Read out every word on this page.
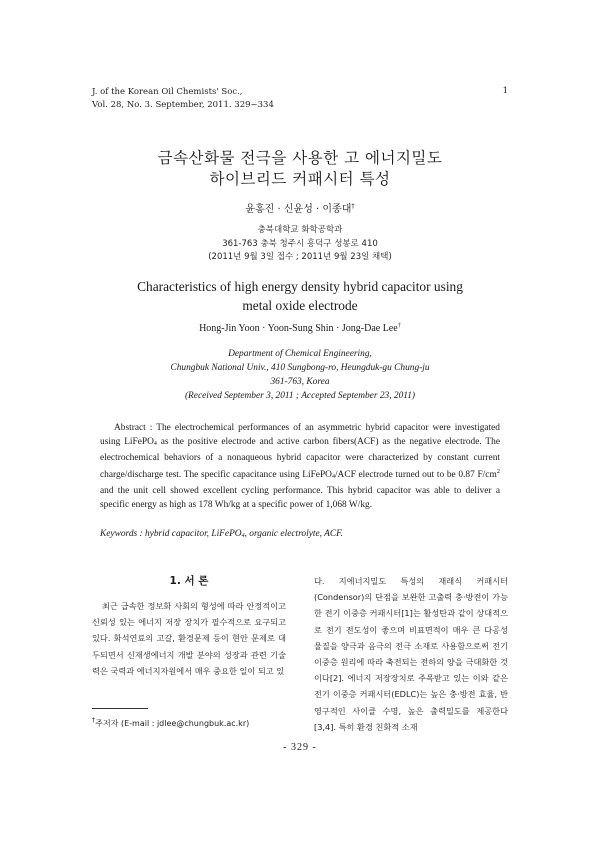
J. of the Korean Oil Chemists' Soc.,
Vol. 28, No. 3. September, 2011. 329~334
1
금속산화물 전극을 사용한 고 에너지밀도
하이브리드 커패시터 특성
윤홍진 · 신윤성 · 이종대†
충북대학교 화학공학과
361-763 충북 청주시 흥덕구 성봉로 410
(2011년 9월 3일 접수 ; 2011년 9월 23일 채택)
Characteristics of high energy density hybrid capacitor using
metal oxide electrode
Hong-Jin Yoon · Yoon-Sung Shin · Jong-Dae Lee†
Department of Chemical Engineering,
Chungbuk National Univ., 410 Sungbong-ro, Heungduk-gu Chung-ju
361-763, Korea
(Received September 3, 2011 ; Accepted September 23, 2011)
Abstract : The electrochemical performances of an asymmetric hybrid capacitor were investigated using LiFePO4 as the positive electrode and active carbon fibers(ACF) as the negative electrode. The electrochemical behaviors of a nonaqueous hybrid capacitor were characterized by constant current charge/discharge test. The specific capacitance using LiFePO4/ACF electrode turned out to be 0.87 $F/cm^2$ and the unit cell showed excellent cycling performance. This hybrid capacitor was able to deliver a specific energy as high as 178 Wh/kg at a specific power of 1,068 W/kg.
Keywords : hybrid capacitor, LiFePO4, organic electrolyte, ACF.
1. 서 론
최근 급속한 정보화 사회의 형성에 따라 안정적이고 신뢰성 있는 에너지 저장 장치가 필수적으로 요구되고 있다. 화석연료의 고갈, 환경문제 등이 현안 문제로 대두되면서 신재생에너지 개발 분야의 성장과 관련 기술력은 국력과 에너지자원에서 매우 중요한 일이 되고 있
다. 지에너지밀도 특성의 재래식 커패시터(Condensor)의 단점을 보완한 고출력 충·방전이 가능한 전기 이중층 커패시터[1]는 활성탄과 같이 상대적으로 전기 전도성이 좋으며 비표면적이 매우 큰 다공성 물질을 양극과 음극의 전극 소재로 사용함으로써 전기 이중층 원리에 따라 축전되는 전하의 양을 극대화한 것이다[2]. 에너지 저장장치로 주목받고 있는 이와 같은 전기 이중층 커패시터(EDLC)는 높은 충·방전 효율, 반영구적인 사이클 수명, 높은 출력밀도를 제공한다[3,4]. 특히 환경 친화적 소재
†주저자 (E-mail : jdlee@chungbuk.ac.kr)
- 329 -
